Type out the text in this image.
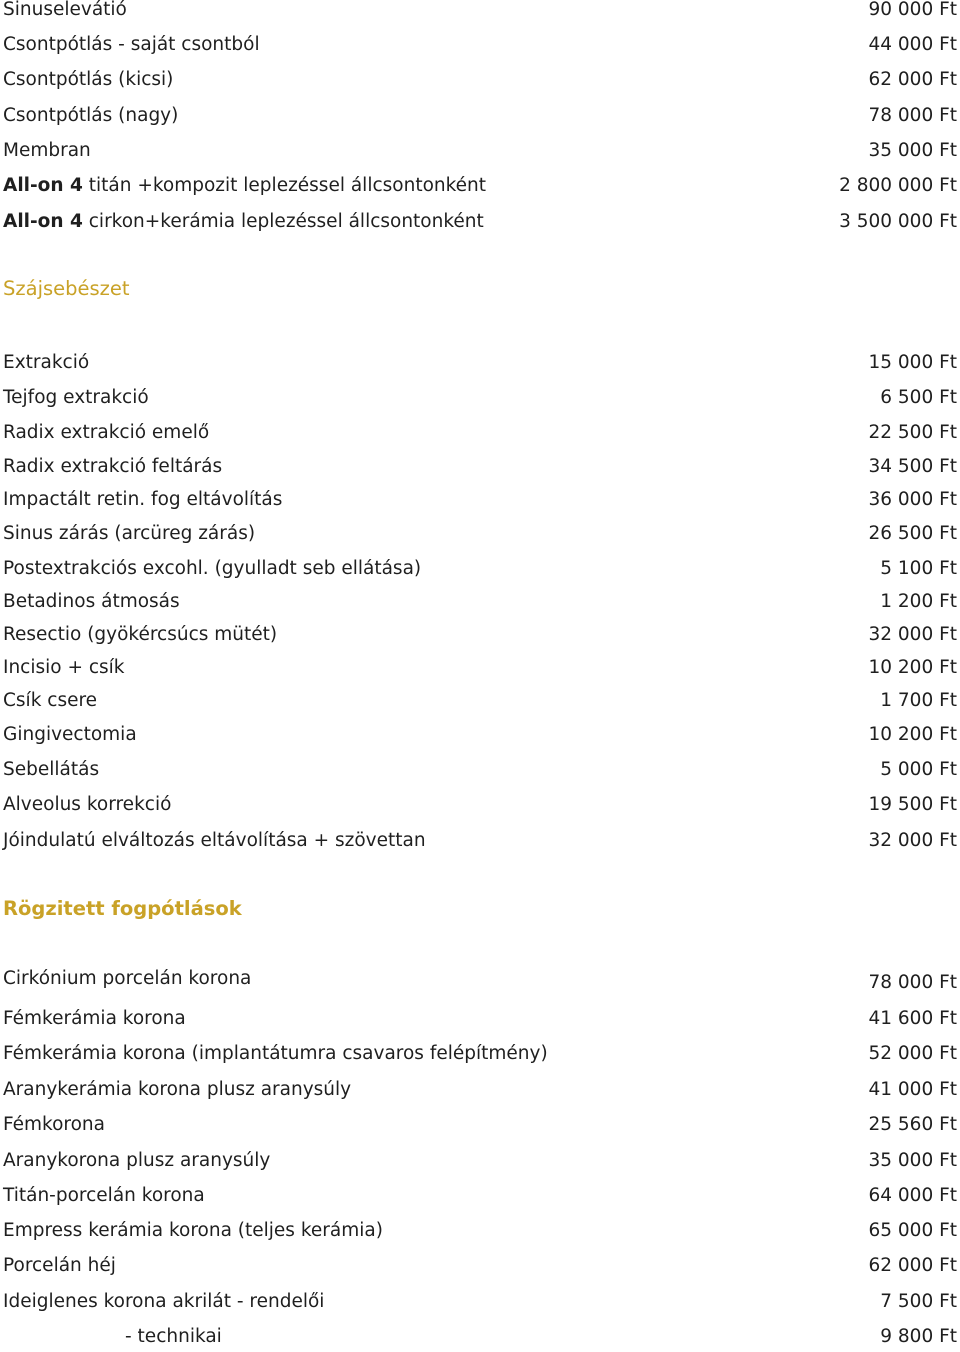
Sinuselevátió	90 000 Ft
Csontpótlás - saját csontból	44 000 Ft
Csontpótlás (kicsi)	62 000 Ft
Csontpótlás (nagy)	78 000 Ft
Membran	35 000 Ft
All-on 4 titán +kompozit leplezéssel állcsontonként	2 800 000 Ft
All-on 4 cirkon+kerámia leplezéssel állcsontonként	3 500 000 Ft
Szájsebészet
Extrakció	15 000 Ft
Tejfog extrakció	6 500 Ft
Radix extrakció emelő	22 500 Ft
Radix extrakció feltárás	34 500 Ft
Impactált retin. fog eltávolítás	36 000 Ft
Sinus zárás (arcüreg zárás)	26 500 Ft
Postextrakciós excohl. (gyulladt seb ellátása)	5 100 Ft
Betadinos átmosás	1 200 Ft
Resectio (gyökércsúcs mütét)	32 000 Ft
Incisio + csík	10 200 Ft
Csík csere	1 700 Ft
Gingivectomia	10 200 Ft
Sebellátás	5 000 Ft
Alveolus korrekció	19 500 Ft
Jóindulatú elváltozás eltávolítása + szövettan	32 000 Ft
Rögzitett fogpótlások
Cirkónium porcelán korona	78 000 Ft
Fémkerámia korona	41 600 Ft
Fémkerámia korona (implantátumra csavaros felépítmény)	52 000 Ft
Aranykerámia korona plusz aranysúly	41 000 Ft
Fémkorona	25 560 Ft
Aranykorona plusz aranysúly	35 000 Ft
Titán-porcelán korona	64 000 Ft
Empress kerámia korona (teljes kerámia)	65 000 Ft
Porcelán héj	62 000 Ft
Ideiglenes korona akrilát - rendelői	7 500 Ft
- technikai	9 800 Ft
